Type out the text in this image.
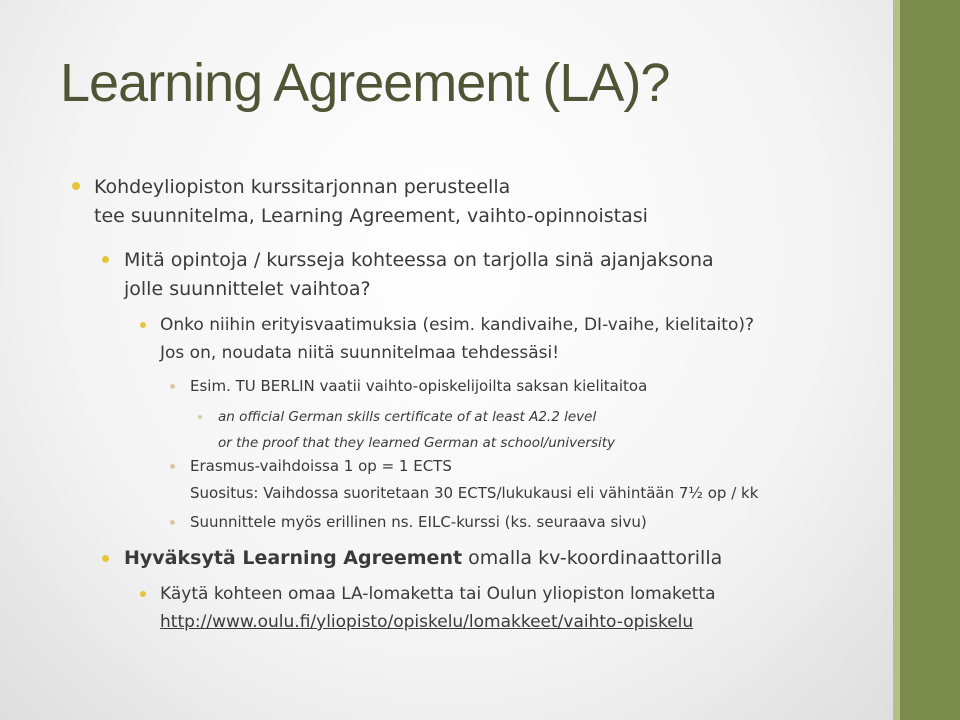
Learning Agreement (LA)?
Kohdeyliopiston kurssitarjonnan perusteella
tee suunnitelma, Learning Agreement, vaihto-opinnoistasi
Mitä opintoja / kursseja kohteessa on tarjolla sinä ajanjaksona
jolle suunnittelet vaihtoa?
Onko niihin erityisvaatimuksia (esim. kandivaihe, DI-vaihe, kielitaito)?
Jos on, noudata niitä suunnitelmaa tehdessäsi!
Esim. TU BERLIN vaatii vaihto-opiskelijoilta saksan kielitaitoa
an official German skills certificate of at least A2.2 level
or the proof that they learned German at school/university
Erasmus-vaihdoissa 1 op = 1 ECTS
Suositus: Vaihdossa suoritetaan 30 ECTS/lukukausi eli vähintään 7½ op / kk
Suunnittele myös erillinen ns. EILC-kurssi (ks. seuraava sivu)
Hyväksytä Learning Agreement omalla kv-koordinaattorilla
Käytä kohteen omaa LA-lomaketta tai Oulun yliopiston lomaketta
http://www.oulu.fi/yliopisto/opiskelu/lomakkeet/vaihto-opiskelu
